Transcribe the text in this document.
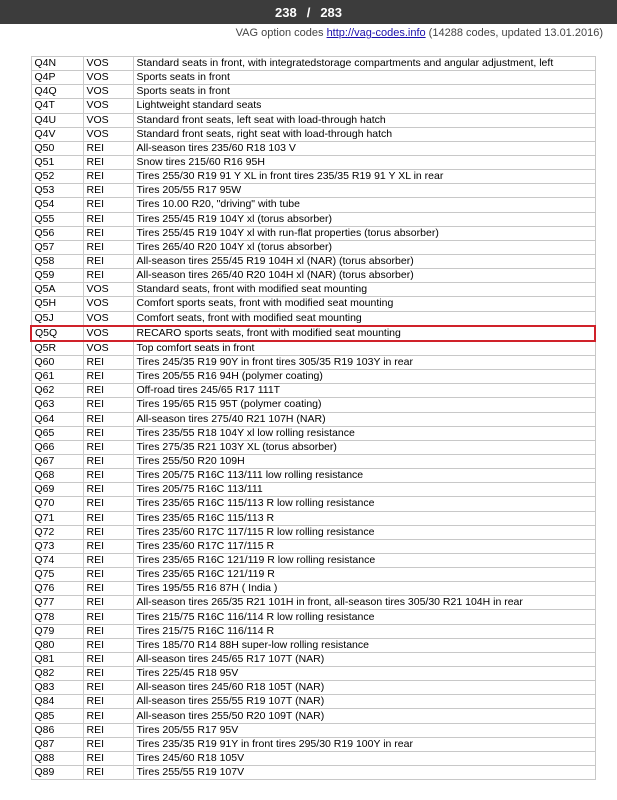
238 / 283
VAG option codes http://vag-codes.info (14288 codes, updated 13.01.2016)
Q4N	VOS	Standard seats in front, with integratedstorage compartments and angular adjustment, left
Q4P	VOS	Sports seats in front
Q4Q	VOS	Sports seats in front
Q4T	VOS	Lightweight standard seats
Q4U	VOS	Standard front seats, left seat with load-through hatch
Q4V	VOS	Standard front seats, right seat with load-through hatch
Q50	REI	All-season tires 235/60 R18 103 V
Q51	REI	Snow tires 215/60 R16 95H
Q52	REI	Tires 255/30 R19 91 Y XL in front tires 235/35 R19 91 Y XL in rear
Q53	REI	Tires 205/55 R17 95W
Q54	REI	Tires 10.00 R20, "driving" with tube
Q55	REI	Tires 255/45 R19 104Y xl (torus absorber)
Q56	REI	Tires 255/45 R19 104Y xl with run-flat properties (torus absorber)
Q57	REI	Tires 265/40 R20 104Y xl (torus absorber)
Q58	REI	All-season tires 255/45 R19 104H xl (NAR) (torus absorber)
Q59	REI	All-season tires 265/40 R20 104H xl (NAR) (torus absorber)
Q5A	VOS	Standard seats, front with modified seat mounting
Q5H	VOS	Comfort sports seats, front with modified seat mounting
Q5J	VOS	Comfort seats, front with modified seat mounting
Q5Q	VOS	RECARO sports seats, front with modified seat mounting
Q5R	VOS	Top comfort seats in front
Q60	REI	Tires 245/35 R19 90Y in front tires 305/35 R19 103Y in rear
Q61	REI	Tires 205/55 R16 94H (polymer coating)
Q62	REI	Off-road tires 245/65 R17 111T
Q63	REI	Tires 195/65 R15 95T (polymer coating)
Q64	REI	All-season tires 275/40 R21 107H (NAR)
Q65	REI	Tires 235/55 R18 104Y xl low rolling resistance
Q66	REI	Tires 275/35 R21 103Y XL (torus absorber)
Q67	REI	Tires 255/50 R20 109H
Q68	REI	Tires 205/75 R16C 113/111 low rolling resistance
Q69	REI	Tires 205/75 R16C 113/111
Q70	REI	Tires 235/65 R16C 115/113 R low rolling resistance
Q71	REI	Tires 235/65 R16C 115/113 R
Q72	REI	Tires 235/60 R17C 117/115 R low rolling resistance
Q73	REI	Tires 235/60 R17C 117/115 R
Q74	REI	Tires 235/65 R16C 121/119 R low rolling resistance
Q75	REI	Tires 235/65 R16C 121/119 R
Q76	REI	Tires 195/55 R16 87H ( India )
Q77	REI	All-season tires 265/35 R21 101H in front, all-season tires 305/30 R21 104H in rear
Q78	REI	Tires 215/75 R16C 116/114 R low rolling resistance
Q79	REI	Tires 215/75 R16C 116/114 R
Q80	REI	Tires 185/70 R14 88H super-low rolling resistance
Q81	REI	All-season tires 245/65 R17 107T (NAR)
Q82	REI	Tires 225/45 R18 95V
Q83	REI	All-season tires 245/60 R18 105T (NAR)
Q84	REI	All-season tires 255/55 R19 107T (NAR)
Q85	REI	All-season tires 255/50 R20 109T (NAR)
Q86	REI	Tires 205/55 R17 95V
Q87	REI	Tires 235/35 R19 91Y in front tires 295/30 R19 100Y in rear
Q88	REI	Tires 245/60 R18 105V
Q89	REI	Tires 255/55 R19 107V
